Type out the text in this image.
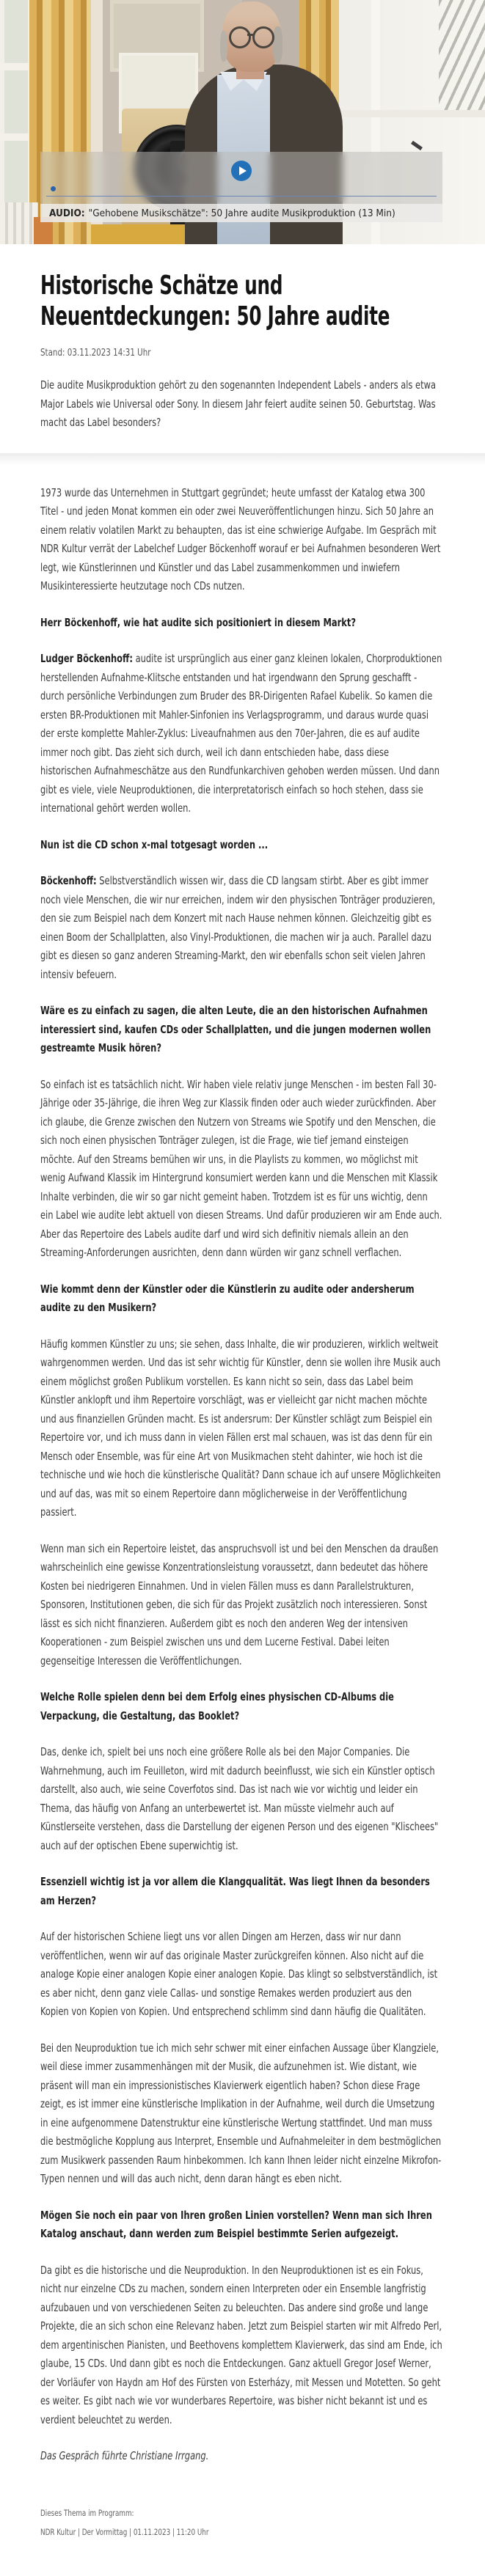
AUDIO: "Gehobene Musikschätze": 50 Jahre audite Musikproduktion (13 Min)
Historische Schätze und
Neuentdeckungen: 50 Jahre audite
Stand: 03.11.2023 14:31 Uhr
Die audite Musikproduktion gehört zu den sogenannten Independent Labels - anders als etwa Major Labels wie Universal oder Sony. In diesem Jahr feiert audite seinen 50. Geburtstag. Was macht das Label besonders?

1973 wurde das Unternehmen in Stuttgart gegründet; heute umfasst der Katalog etwa 300 Titel - und jeden Monat kommen ein oder zwei Neuveröffentlichungen hinzu. Sich 50 Jahre an einem relativ volatilen Markt zu behaupten, das ist eine schwierige Aufgabe. Im Gespräch mit NDR Kultur verrät der Labelchef Ludger Böckenhoff worauf er bei Aufnahmen besonderen Wert legt, wie Künstlerinnen und Künstler und das Label zusammenkommen und inwiefern Musikinteressierte heutzutage noch CDs nutzen.

Herr Böckenhoff, wie hat audite sich positioniert in diesem Markt?

Ludger Böckenhoff: audite ist ursprünglich aus einer ganz kleinen lokalen, Chorproduktionen herstellenden Aufnahme-Klitsche entstanden und hat irgendwann den Sprung geschafft - durch persönliche Verbindungen zum Bruder des BR-Dirigenten Rafael Kubelik. So kamen die ersten BR-Produktionen mit Mahler-Sinfonien ins Verlagsprogramm, und daraus wurde quasi der erste komplette Mahler-Zyklus: Liveaufnahmen aus den 70er-Jahren, die es auf audite immer noch gibt. Das zieht sich durch, weil ich dann entschieden habe, dass diese historischen Aufnahmeschätze aus den Rundfunkarchiven gehoben werden müssen. Und dann gibt es viele, viele Neuproduktionen, die interpretatorisch einfach so hoch stehen, dass sie international gehört werden wollen.

Nun ist die CD schon x-mal totgesagt worden ...

Böckenhoff: Selbstverständlich wissen wir, dass die CD langsam stirbt. Aber es gibt immer noch viele Menschen, die wir nur erreichen, indem wir den physischen Tonträger produzieren, den sie zum Beispiel nach dem Konzert mit nach Hause nehmen können. Gleichzeitig gibt es einen Boom der Schallplatten, also Vinyl-Produktionen, die machen wir ja auch. Parallel dazu gibt es diesen so ganz anderen Streaming-Markt, den wir ebenfalls schon seit vielen Jahren intensiv befeuern.

Wäre es zu einfach zu sagen, die alten Leute, die an den historischen Aufnahmen interessiert sind, kaufen CDs oder Schallplatten, und die jungen modernen wollen gestreamte Musik hören?

So einfach ist es tatsächlich nicht. Wir haben viele relativ junge Menschen - im besten Fall 30-Jährige oder 35-Jährige, die ihren Weg zur Klassik finden oder auch wieder zurückfinden. Aber ich glaube, die Grenze zwischen den Nutzern von Streams wie Spotify und den Menschen, die sich noch einen physischen Tonträger zulegen, ist die Frage, wie tief jemand einsteigen möchte. Auf den Streams bemühen wir uns, in die Playlists zu kommen, wo möglichst mit wenig Aufwand Klassik im Hintergrund konsumiert werden kann und die Menschen mit Klassik Inhalte verbinden, die wir so gar nicht gemeint haben. Trotzdem ist es für uns wichtig, denn ein Label wie audite lebt aktuell von diesen Streams. Und dafür produzieren wir am Ende auch. Aber das Repertoire des Labels audite darf und wird sich definitiv niemals allein an den Streaming-Anforderungen ausrichten, denn dann würden wir ganz schnell verflachen.

Wie kommt denn der Künstler oder die Künstlerin zu audite oder andersherum audite zu den Musikern?

Häufig kommen Künstler zu uns; sie sehen, dass Inhalte, die wir produzieren, wirklich weltweit wahrgenommen werden. Und das ist sehr wichtig für Künstler, denn sie wollen ihre Musik auch einem möglichst großen Publikum vorstellen. Es kann nicht so sein, dass das Label beim Künstler anklopft und ihm Repertoire vorschlägt, was er vielleicht gar nicht machen möchte und aus finanziellen Gründen macht. Es ist andersrum: Der Künstler schlägt zum Beispiel ein Repertoire vor, und ich muss dann in vielen Fällen erst mal schauen, was ist das denn für ein Mensch oder Ensemble, was für eine Art von Musikmachen steht dahinter, wie hoch ist die technische und wie hoch die künstlerische Qualität? Dann schaue ich auf unsere Möglichkeiten und auf das, was mit so einem Repertoire dann möglicherweise in der Veröffentlichung passiert.

Wenn man sich ein Repertoire leistet, das anspruchsvoll ist und bei den Menschen da draußen wahrscheinlich eine gewisse Konzentrationsleistung voraussetzt, dann bedeutet das höhere Kosten bei niedrigeren Einnahmen. Und in vielen Fällen muss es dann Parallelstrukturen, Sponsoren, Institutionen geben, die sich für das Projekt zusätzlich noch interessieren. Sonst lässt es sich nicht finanzieren. Außerdem gibt es noch den anderen Weg der intensiven Kooperationen - zum Beispiel zwischen uns und dem Lucerne Festival. Dabei leiten gegenseitige Interessen die Veröffentlichungen.

Welche Rolle spielen denn bei dem Erfolg eines physischen CD-Albums die Verpackung, die Gestaltung, das Booklet?

Das, denke ich, spielt bei uns noch eine größere Rolle als bei den Major Companies. Die Wahrnehmung, auch im Feuilleton, wird mit dadurch beeinflusst, wie sich ein Künstler optisch darstellt, also auch, wie seine Coverfotos sind. Das ist nach wie vor wichtig und leider ein Thema, das häufig von Anfang an unterbewertet ist. Man müsste vielmehr auch auf Künstlerseite verstehen, dass die Darstellung der eigenen Person und des eigenen "Klischees" auch auf der optischen Ebene superwichtig ist.

Essenziell wichtig ist ja vor allem die Klangqualität. Was liegt Ihnen da besonders am Herzen?

Auf der historischen Schiene liegt uns vor allen Dingen am Herzen, dass wir nur dann veröffentlichen, wenn wir auf das originale Master zurückgreifen können. Also nicht auf die analoge Kopie einer analogen Kopie einer analogen Kopie. Das klingt so selbstverständlich, ist es aber nicht, denn ganz viele Callas- und sonstige Remakes werden produziert aus den Kopien von Kopien von Kopien. Und entsprechend schlimm sind dann häufig die Qualitäten.

Bei den Neuproduktion tue ich mich sehr schwer mit einer einfachen Aussage über Klangziele, weil diese immer zusammenhängen mit der Musik, die aufzunehmen ist. Wie distant, wie präsent will man ein impressionistisches Klavierwerk eigentlich haben? Schon diese Frage zeigt, es ist immer eine künstlerische Implikation in der Aufnahme, weil durch die Umsetzung in eine aufgenommene Datenstruktur eine künstlerische Wertung stattfindet. Und man muss die bestmögliche Kopplung aus Interpret, Ensemble und Aufnahmeleiter in dem bestmöglichen zum Musikwerk passenden Raum hinbekommen. Ich kann Ihnen leider nicht einzelne Mikrofon-Typen nennen und will das auch nicht, denn daran hängt es eben nicht.

Mögen Sie noch ein paar von Ihren großen Linien vorstellen? Wenn man sich Ihren Katalog anschaut, dann werden zum Beispiel bestimmte Serien aufgezeigt.

Da gibt es die historische und die Neuproduktion. In den Neuproduktionen ist es ein Fokus, nicht nur einzelne CDs zu machen, sondern einen Interpreten oder ein Ensemble langfristig aufzubauen und von verschiedenen Seiten zu beleuchten. Das andere sind große und lange Projekte, die an sich schon eine Relevanz haben. Jetzt zum Beispiel starten wir mit Alfredo Perl, dem argentinischen Pianisten, und Beethovens komplettem Klavierwerk, das sind am Ende, ich glaube, 15 CDs. Und dann gibt es noch die Entdeckungen. Ganz aktuell Gregor Josef Werner, der Vorläufer von Haydn am Hof des Fürsten von Esterházy, mit Messen und Motetten. So geht es weiter. Es gibt nach wie vor wunderbares Repertoire, was bisher nicht bekannt ist und es verdient beleuchtet zu werden.

Das Gespräch führte Christiane Irrgang.

Dieses Thema im Programm:
NDR Kultur | Der Vormittag | 01.11.2023 | 11:20 Uhr
